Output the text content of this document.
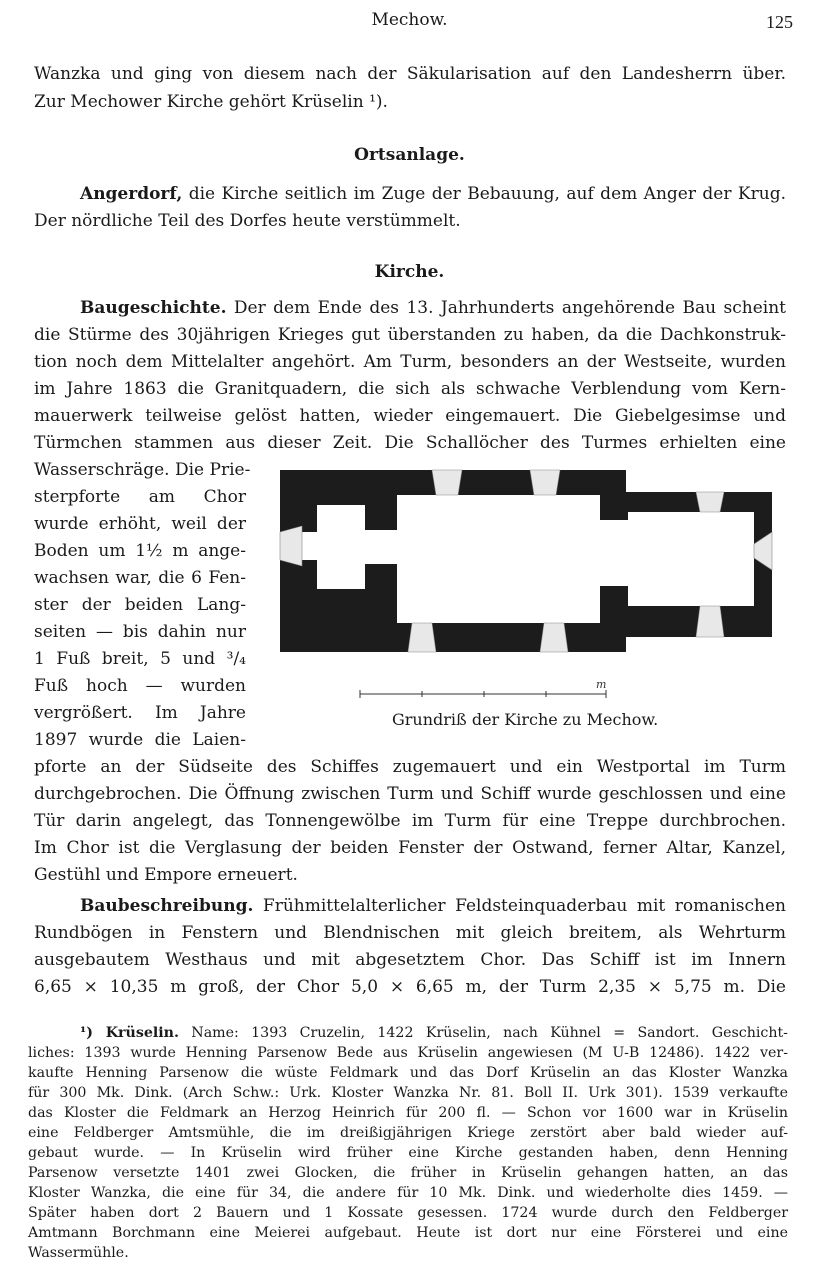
Mechow.	125
Wanzka und ging von diesem nach der Säkularisation auf den Landesherrn über.
Zur Mechower Kirche gehört Krüselin ¹).
Ortsanlage.
Angerdorf, die Kirche seitlich im Zuge der Bebauung, auf dem Anger der Krug.
Der nördliche Teil des Dorfes heute verstümmelt.
Kirche.
Baugeschichte. Der dem Ende des 13. Jahrhunderts angehörende Bau scheint
die Stürme des 30jährigen Krieges gut überstanden zu haben, da die Dachkonstruk-
tion noch dem Mittelalter angehört. Am Turm, besonders an der Westseite, wurden
im Jahre 1863 die Granitquadern, die sich als schwache Verblendung vom Kern-
mauerwerk teilweise gelöst hatten, wieder eingemauert. Die Giebelgesimse und
Türmchen stammen aus dieser Zeit. Die Schallöcher des Turmes erhielten eine
Wasserschräge. Die Prie-
sterpforte am Chor
wurde erhöht, weil der
Boden um 1½ m ange-
wachsen war, die 6 Fen-
ster der beiden Lang-
seiten — bis dahin nur
1 Fuß breit, 5 und ³/₄
Fuß hoch — wurden
vergrößert. Im Jahre
1897 wurde die Laien-
m
Grundriß der Kirche zu Mechow.
pforte an der Südseite des Schiffes zugemauert und ein Westportal im Turm
durchgebrochen. Die Öffnung zwischen Turm und Schiff wurde geschlossen und eine
Tür darin angelegt, das Tonnengewölbe im Turm für eine Treppe durchbrochen.
Im Chor ist die Verglasung der beiden Fenster der Ostwand, ferner Altar, Kanzel,
Gestühl und Empore erneuert.
Baubeschreibung. Frühmittelalterlicher Feldsteinquaderbau mit romanischen
Rundbögen in Fenstern und Blendnischen mit gleich breitem, als Wehrturm
ausgebautem Westhaus und mit abgesetztem Chor. Das Schiff ist im Innern
6,65 × 10,35 m groß, der Chor 5,0 × 6,65 m, der Turm 2,35 × 5,75 m. Die
¹) Krüselin. Name: 1393 Cruzelin, 1422 Krüselin, nach Kühnel = Sandort. Geschicht-
liches: 1393 wurde Henning Parsenow Bede aus Krüselin angewiesen (M U-B 12486). 1422 ver-
kaufte Henning Parsenow die wüste Feldmark und das Dorf Krüselin an das Kloster Wanzka
für 300 Mk. Dink. (Arch Schw.: Urk. Kloster Wanzka Nr. 81. Boll II. Urk 301). 1539 verkaufte
das Kloster die Feldmark an Herzog Heinrich für 200 fl. — Schon vor 1600 war in Krüselin
eine Feldberger Amtsmühle, die im dreißigjährigen Kriege zerstört aber bald wieder auf-
gebaut wurde. — In Krüselin wird früher eine Kirche gestanden haben, denn Henning
Parsenow versetzte 1401 zwei Glocken, die früher in Krüselin gehangen hatten, an das
Kloster Wanzka, die eine für 34, die andere für 10 Mk. Dink. und wiederholte dies 1459. —
Später haben dort 2 Bauern und 1 Kossate gesessen. 1724 wurde durch den Feldberger
Amtmann Borchmann eine Meierei aufgebaut. Heute ist dort nur eine Försterei und eine
Wassermühle.
